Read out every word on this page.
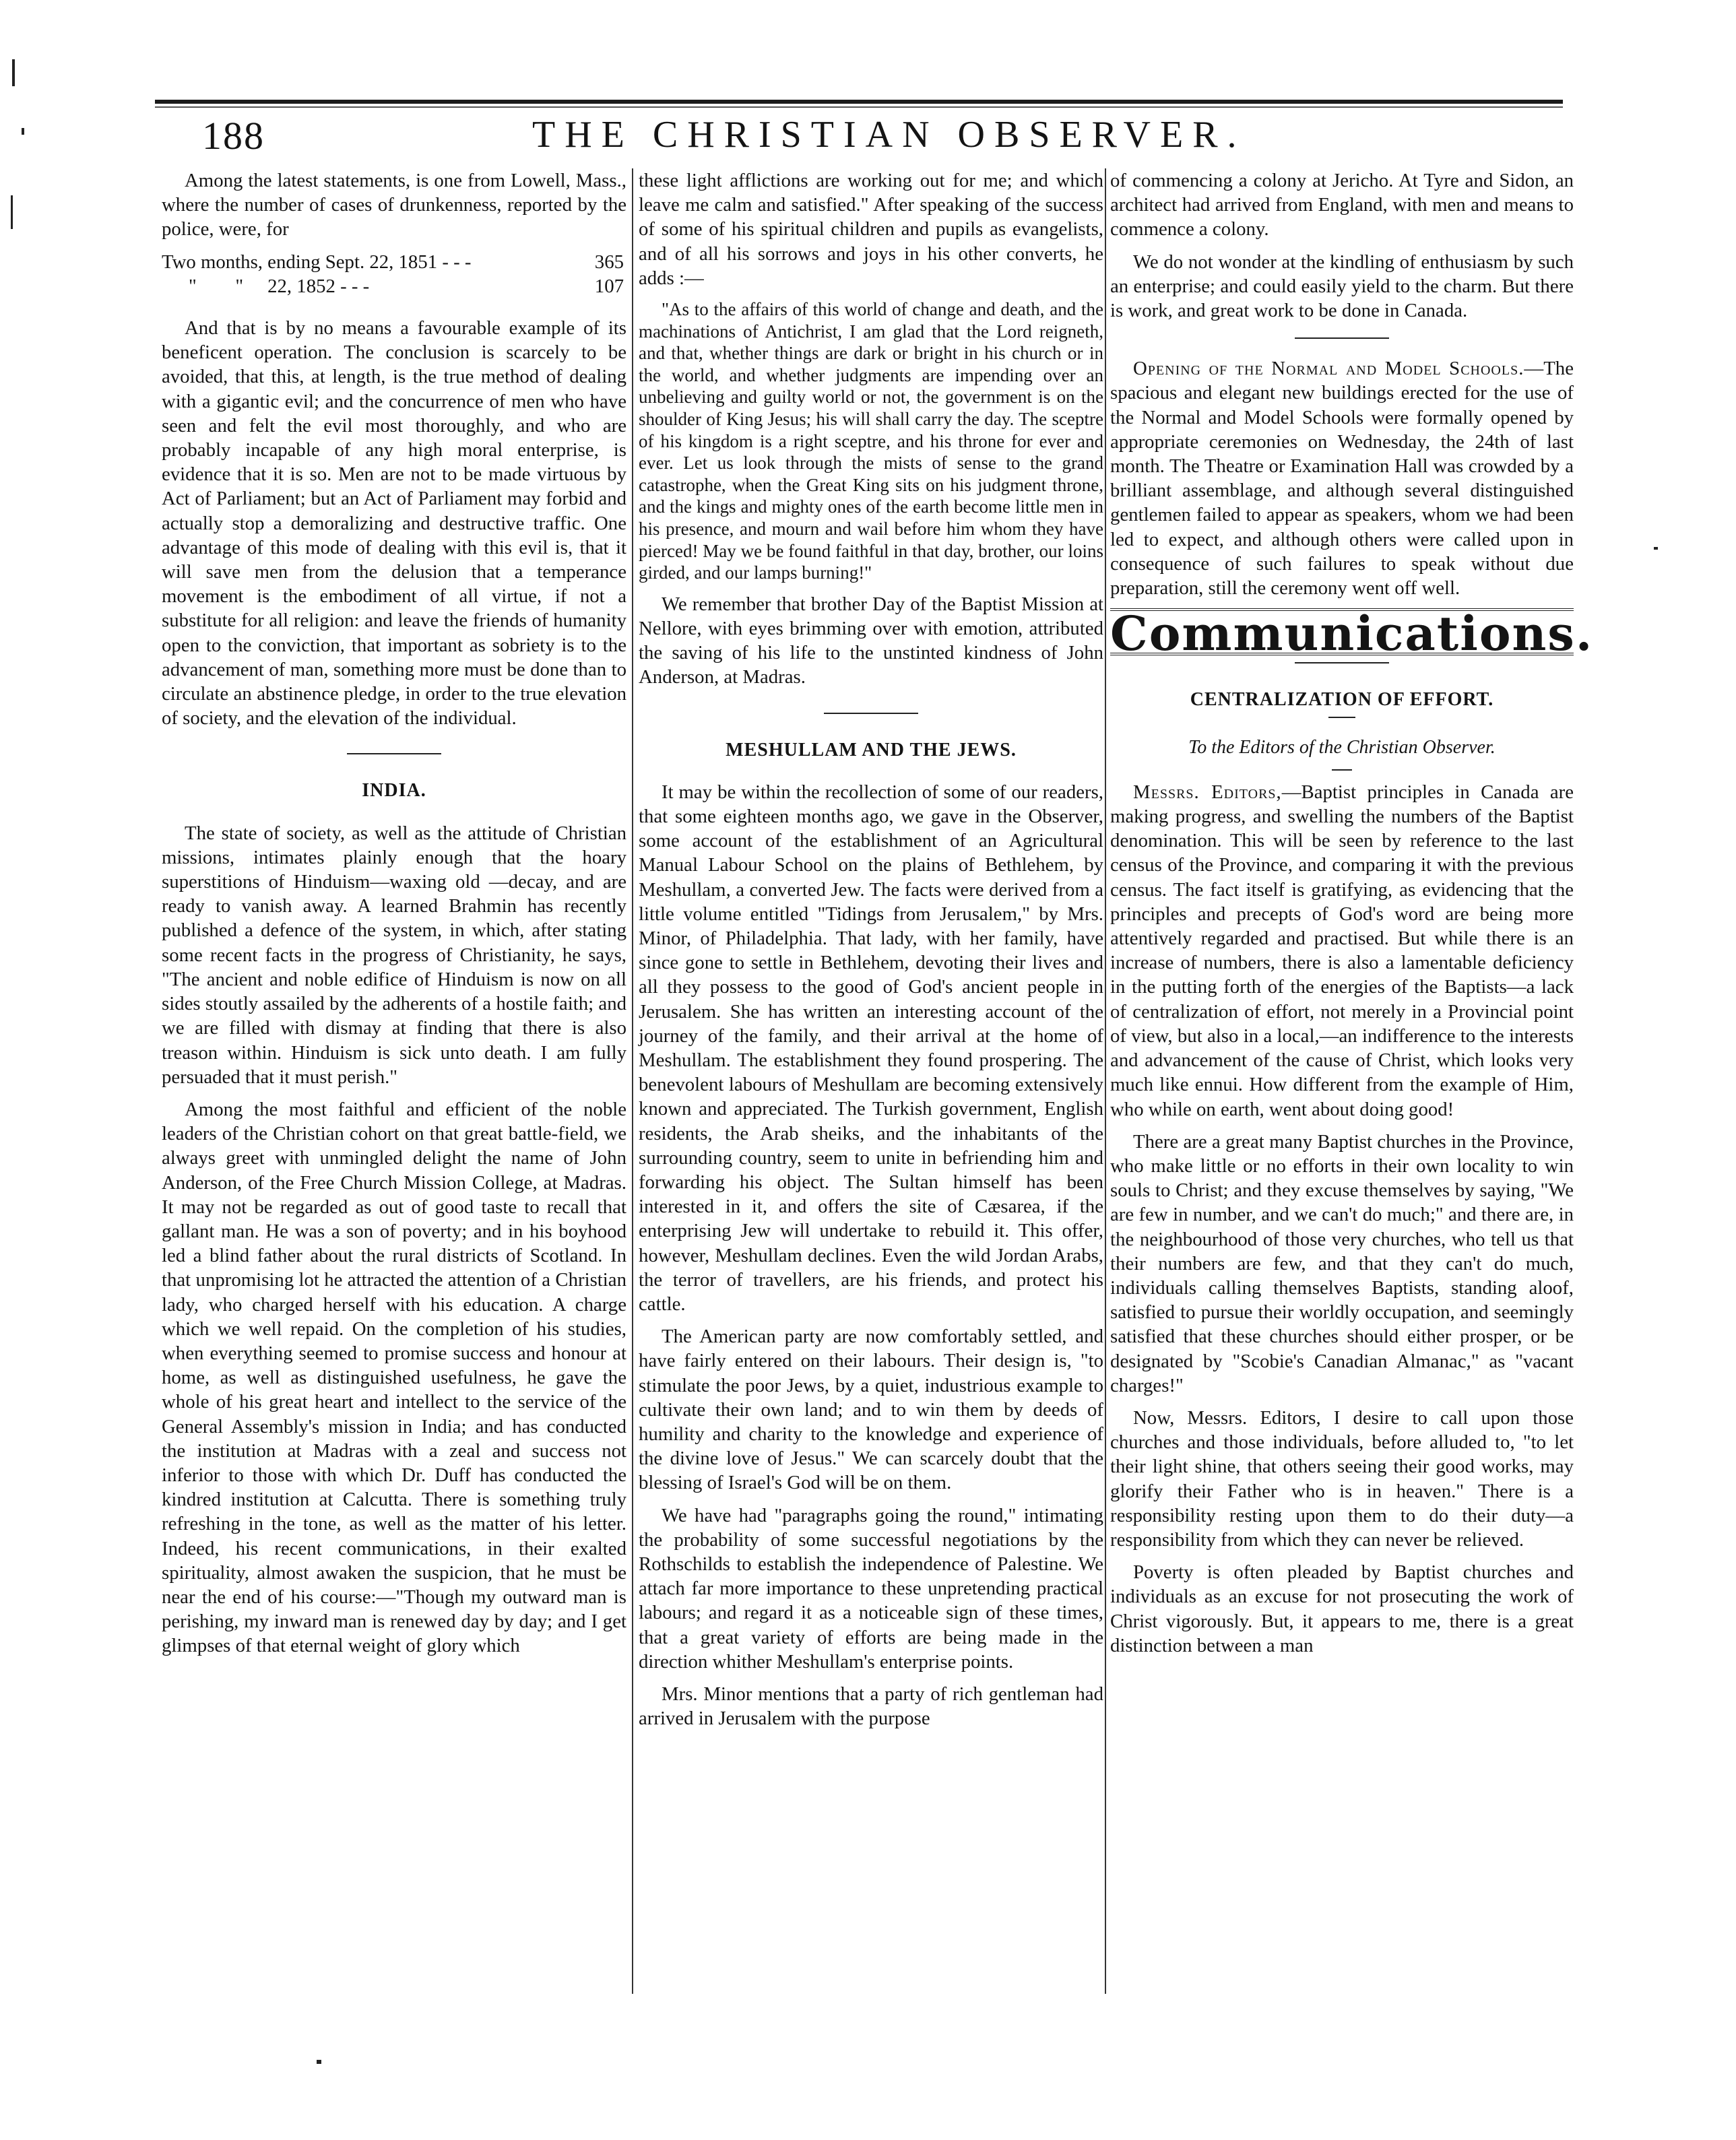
188	THE CHRISTIAN OBSERVER.

Among the latest statements, is one from Lowell, Mass., where the number of cases of drunkenness, reported by the police, were, for

Two months, ending Sept. 22, 1851 - - -	365
"        "     22, 1852 - - -	107

And that is by no means a favourable example of its beneficent operation. The conclusion is scarcely to be avoided, that this, at length, is the true method of dealing with a gigantic evil; and the concurrence of men who have seen and felt the evil most thoroughly, and who are probably incapable of any high moral enterprise, is evidence that it is so. Men are not to be made virtuous by Act of Parliament; but an Act of Parliament may forbid and actually stop a demoralizing and destructive traffic. One advantage of this mode of dealing with this evil is, that it will save men from the delusion that a temperance movement is the embodiment of all virtue, if not a substitute for all religion: and leave the friends of humanity open to the conviction, that important as sobriety is to the advancement of man, something more must be done than to circulate an abstinence pledge, in order to the true elevation of society, and the elevation of the individual.

INDIA.

The state of society, as well as the attitude of Christian missions, intimates plainly enough that the hoary superstitions of Hinduism—waxing old —decay, and are ready to vanish away. A learned Brahmin has recently published a defence of the system, in which, after stating some recent facts in the progress of Christianity, he says, "The ancient and noble edifice of Hinduism is now on all sides stoutly assailed by the adherents of a hostile faith; and we are filled with dismay at finding that there is also treason within. Hinduism is sick unto death. I am fully persuaded that it must perish."

Among the most faithful and efficient of the noble leaders of the Christian cohort on that great battle-field, we always greet with unmingled delight the name of John Anderson, of the Free Church Mission College, at Madras. It may not be regarded as out of good taste to recall that gallant man. He was a son of poverty; and in his boyhood led a blind father about the rural districts of Scotland. In that unpromising lot he attracted the attention of a Christian lady, who charged herself with his education. A charge which we well repaid. On the completion of his studies, when everything seemed to promise success and honour at home, as well as distinguished usefulness, he gave the whole of his great heart and intellect to the service of the General Assembly's mission in India; and has conducted the institution at Madras with a zeal and success not inferior to those with which Dr. Duff has conducted the kindred institution at Calcutta. There is something truly refreshing in the tone, as well as the matter of his letter. Indeed, his recent communications, in their exalted spirituality, almost awaken the suspicion, that he must be near the end of his course:—"Though my outward man is perishing, my inward man is renewed day by day; and I get glimpses of that eternal weight of glory which

these light afflictions are working out for me; and which leave me calm and satisfied." After speaking of the success of some of his spiritual children and pupils as evangelists, and of all his sorrows and joys in his other converts, he adds :—

"As to the affairs of this world of change and death, and the machinations of Antichrist, I am glad that the Lord reigneth, and that, whether things are dark or bright in his church or in the world, and whether judgments are impending over an unbelieving and guilty world or not, the government is on the shoulder of King Jesus; his will shall carry the day. The sceptre of his kingdom is a right sceptre, and his throne for ever and ever. Let us look through the mists of sense to the grand catastrophe, when the Great King sits on his judgment throne, and the kings and mighty ones of the earth become little men in his presence, and mourn and wail before him whom they have pierced! May we be found faithful in that day, brother, our loins girded, and our lamps burning!"

We remember that brother Day of the Baptist Mission at Nellore, with eyes brimming over with emotion, attributed the saving of his life to the unstinted kindness of John Anderson, at Madras.

MESHULLAM AND THE JEWS.

It may be within the recollection of some of our readers, that some eighteen months ago, we gave in the Observer, some account of the establishment of an Agricultural Manual Labour School on the plains of Bethlehem, by Meshullam, a converted Jew. The facts were derived from a little volume entitled "Tidings from Jerusalem," by Mrs. Minor, of Philadelphia. That lady, with her family, have since gone to settle in Bethlehem, devoting their lives and all they possess to the good of God's ancient people in Jerusalem. She has written an interesting account of the journey of the family, and their arrival at the home of Meshullam. The establishment they found prospering. The benevolent labours of Meshullam are becoming extensively known and appreciated. The Turkish government, English residents, the Arab sheiks, and the inhabitants of the surrounding country, seem to unite in befriending him and forwarding his object. The Sultan himself has been interested in it, and offers the site of Cæsarea, if the enterprising Jew will undertake to rebuild it. This offer, however, Meshullam declines. Even the wild Jordan Arabs, the terror of travellers, are his friends, and protect his cattle.

The American party are now comfortably settled, and have fairly entered on their labours. Their design is, "to stimulate the poor Jews, by a quiet, industrious example to cultivate their own land; and to win them by deeds of humility and charity to the knowledge and experience of the divine love of Jesus." We can scarcely doubt that the blessing of Israel's God will be on them.

We have had "paragraphs going the round," intimating the probability of some successful negotiations by the Rothschilds to establish the independence of Palestine. We attach far more importance to these unpretending practical labours; and regard it as a noticeable sign of these times, that a great variety of efforts are being made in the direction whither Meshullam's enterprise points.

Mrs. Minor mentions that a party of rich gentleman had arrived in Jerusalem with the purpose

of commencing a colony at Jericho. At Tyre and Sidon, an architect had arrived from England, with men and means to commence a colony.

We do not wonder at the kindling of enthusiasm by such an enterprise; and could easily yield to the charm. But there is work, and great work to be done in Canada.

Opening of the Normal and Model Schools.—The spacious and elegant new buildings erected for the use of the Normal and Model Schools were formally opened by appropriate ceremonies on Wednesday, the 24th of last month. The Theatre or Examination Hall was crowded by a brilliant assemblage, and although several distinguished gentlemen failed to appear as speakers, whom we had been led to expect, and although others were called upon in consequence of such failures to speak without due preparation, still the ceremony went off well.

Communications.
CENTRALIZATION OF EFFORT.
To the Editors of the Christian Observer.

Messrs. Editors,—Baptist principles in Canada are making progress, and swelling the numbers of the Baptist denomination. This will be seen by reference to the last census of the Province, and comparing it with the previous census. The fact itself is gratifying, as evidencing that the principles and precepts of God's word are being more attentively regarded and practised. But while there is an increase of numbers, there is also a lamentable deficiency in the putting forth of the energies of the Baptists—a lack of centralization of effort, not merely in a Provincial point of view, but also in a local,—an indifference to the interests and advancement of the cause of Christ, which looks very much like ennui. How different from the example of Him, who while on earth, went about doing good!

There are a great many Baptist churches in the Province, who make little or no efforts in their own locality to win souls to Christ; and they excuse themselves by saying, "We are few in number, and we can't do much;" and there are, in the neighbourhood of those very churches, who tell us that their numbers are few, and that they can't do much, individuals calling themselves Baptists, standing aloof, satisfied to pursue their worldly occupation, and seemingly satisfied that these churches should either prosper, or be designated by "Scobie's Canadian Almanac," as "vacant charges!"

Now, Messrs. Editors, I desire to call upon those churches and those individuals, before alluded to, "to let their light shine, that others seeing their good works, may glorify their Father who is in heaven." There is a responsibility resting upon them to do their duty—a responsibility from which they can never be relieved.

Poverty is often pleaded by Baptist churches and individuals as an excuse for not prosecuting the work of Christ vigorously. But, it appears to me, there is a great distinction between a man
